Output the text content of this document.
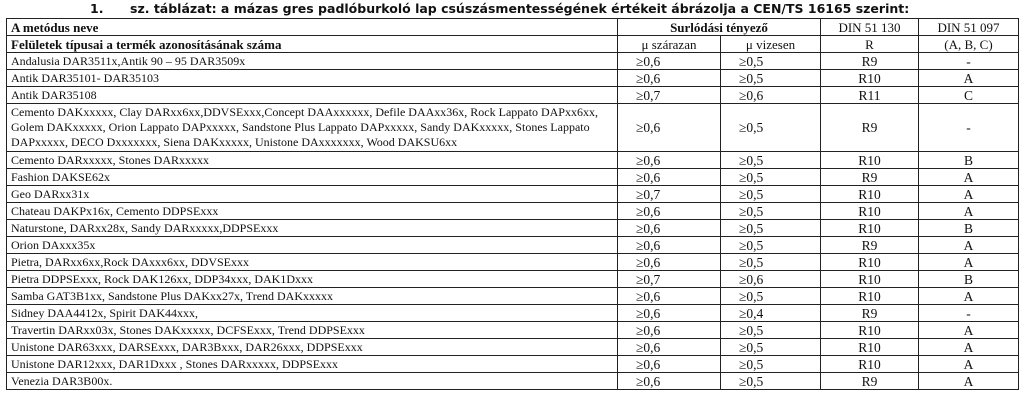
1. sz. táblázat: a mázas gres padlóburkoló lap csúszásmentességének értékeit ábrázolja a CEN/TS 16165 szerint:
A metódus neve	Surlódási tényező		DIN 51 130	DIN 51 097
Felületek típusai a termék azonosításának száma	μ szárazan	μ vizesen	R	(A, B, C)
Andalusia DAR3511x,Antik 90 – 95 DAR3509x	≥0,6	≥0,5	R9	-
Antik DAR35101- DAR35103	≥0,6	≥0,5	R10	A
Antik DAR35108	≥0,7	≥0,6	R11	C
Cemento DAKxxxxx, Clay DARxx6xx,DDVSExxx,Concept DAAxxxxxx, Defile DAAxx36x, Rock Lappato DAPxx6xx, Golem DAKxxxxx, Orion Lappato DAPxxxxx, Sandstone Plus Lappato DAPxxxxx, Sandy DAKxxxxx, Stones Lappato DAPxxxxx, DECO Dxxxxxxx, Siena DAKxxxxx, Unistone DAxxxxxxx, Wood DAKSU6xx	≥0,6	≥0,5	R9	-
Cemento DARxxxxx, Stones DARxxxxx	≥0,6	≥0,5	R10	B
Fashion DAKSE62x	≥0,6	≥0,5	R9	A
Geo DARxx31x	≥0,7	≥0,5	R10	A
Chateau DAKPx16x, Cemento DDPSExxx	≥0,6	≥0,5	R10	A
Naturstone, DARxx28x, Sandy DARxxxxx,DDPSExxx	≥0,6	≥0,5	R10	B
Orion DAxxx35x	≥0,6	≥0,5	R9	A
Pietra, DARxx6xx,Rock DAxxx6xx, DDVSExxx	≥0,6	≥0,5	R10	A
Pietra DDPSExxx, Rock DAK126xx, DDP34xxx, DAK1Dxxx	≥0,7	≥0,6	R10	B
Samba GAT3B1xx, Sandstone Plus DAKxx27x, Trend DAKxxxxx	≥0,6	≥0,5	R10	A
Sidney DAA4412x, Spirit DAK44xxx,	≥0,6	≥0,4	R9	-
Travertin DARxx03x, Stones DAKxxxxx, DCFSExxx, Trend DDPSExxx	≥0,6	≥0,5	R10	A
Unistone DAR63xxx, DARSExxx, DAR3Bxxx, DAR26xxx, DDPSExxx	≥0,6	≥0,5	R10	A
Unistone DAR12xxx, DAR1Dxxx , Stones DARxxxxx, DDPSExxx	≥0,6	≥0,5	R10	A
Venezia DAR3B00x.	≥0,6	≥0,5	R9	A
